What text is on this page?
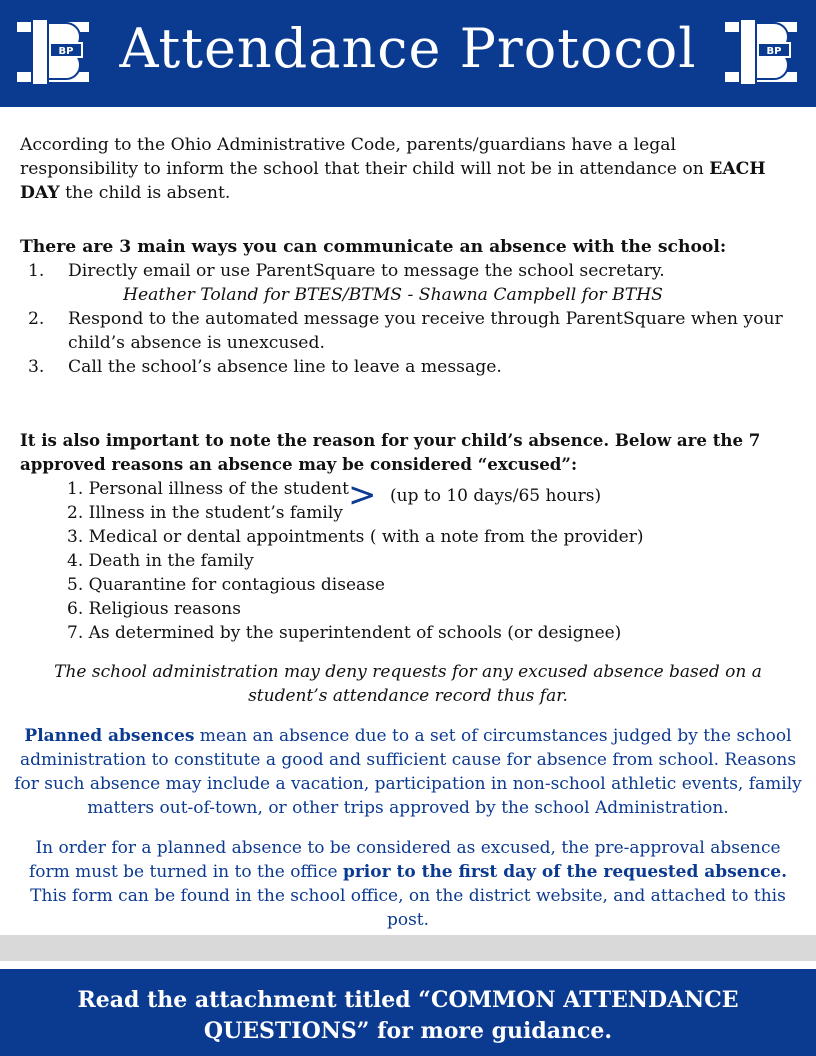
BP Attendance Protocol	BP
According to the Ohio Administrative Code, parents/guardians have a legal responsibility to inform the school that their child will not be in attendance on EACH DAY the child is absent.
There are 3 main ways you can communicate an absence with the school:
1. Directly email or use ParentSquare to message the school secretary.
Heather Toland for BTES/BTMS - Shawna Campbell for BTHS
2. Respond to the automated message you receive through ParentSquare when your child’s absence is unexcused.
3. Call the school’s absence line to leave a message.
It is also important to note the reason for your child’s absence. Below are the 7 approved reasons an absence may be considered “excused”:
1. Personal illness of the student
2. Illness in the student’s family
3. Medical or dental appointments ( with a note from the provider)
4. Death in the family
5. Quarantine for contagious disease
6. Religious reasons
7. As determined by the superintendent of schools (or designee)
> (up to 10 days/65 hours)
The school administration may deny requests for any excused absence based on a student’s attendance record thus far.
Planned absences mean an absence due to a set of circumstances judged by the school administration to constitute a good and sufficient cause for absence from school. Reasons for such absence may include a vacation, participation in non-school athletic events, family matters out-of-town, or other trips approved by the school Administration.
In order for a planned absence to be considered as excused, the pre-approval absence form must be turned in to the office prior to the first day of the requested absence. This form can be found in the school office, on the district website, and attached to this post.
Read the attachment titled “COMMON ATTENDANCE QUESTIONS” for more guidance.
